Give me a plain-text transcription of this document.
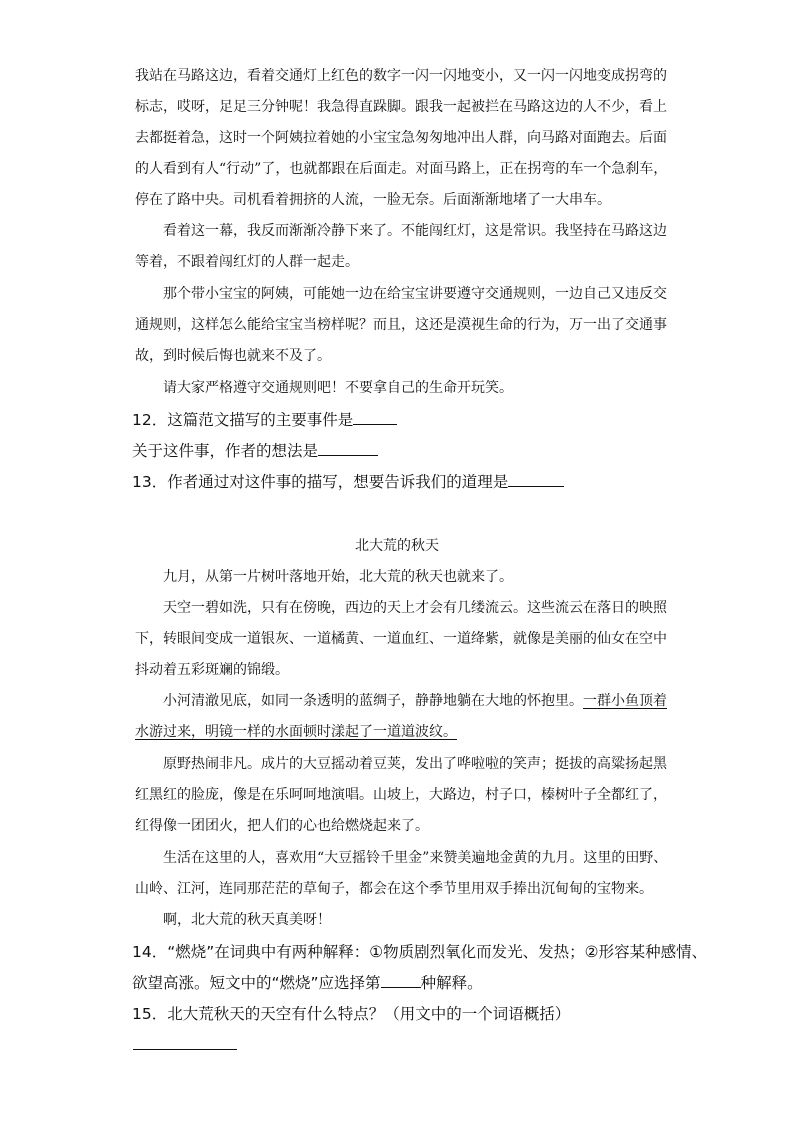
我站在马路这边，看着交通灯上红色的数字一闪一闪地变小，又一闪一闪地变成拐弯的
标志，哎呀，足足三分钟呢！我急得直跺脚。跟我一起被拦在马路这边的人不少，看上
去都挺着急，这时一个阿姨拉着她的小宝宝急匆匆地冲出人群，向马路对面跑去。后面
的人看到有人“行动”了，也就都跟在后面走。对面马路上，正在拐弯的车一个急刹车，
停在了路中央。司机看着拥挤的人流，一脸无奈。后面渐渐地堵了一大串车。
看着这一幕，我反而渐渐冷静下来了。不能闯红灯，这是常识。我坚持在马路这边
等着，不跟着闯红灯的人群一起走。
那个带小宝宝的阿姨，可能她一边在给宝宝讲要遵守交通规则，一边自己又违反交
通规则，这样怎么能给宝宝当榜样呢？而且，这还是漠视生命的行为，万一出了交通事
故，到时候后悔也就来不及了。
请大家严格遵守交通规则吧！不要拿自己的生命开玩笑。
12．这篇范文描写的主要事件是
关于这件事，作者的想法是
13．作者通过对这件事的描写，想要告诉我们的道理是
北大荒的秋天
九月，从第一片树叶落地开始，北大荒的秋天也就来了。
天空一碧如洗，只有在傍晚，西边的天上才会有几缕流云。这些流云在落日的映照
下，转眼间变成一道银灰、一道橘黄、一道血红、一道绛紫，就像是美丽的仙女在空中
抖动着五彩斑斓的锦缎。
小河清澈见底，如同一条透明的蓝绸子，静静地躺在大地的怀抱里。一群小鱼顶着
水游过来，明镜一样的水面顿时漾起了一道道波纹。
原野热闹非凡。成片的大豆摇动着豆荚，发出了哗啦啦的笑声；挺拔的高粱扬起黑
红黑红的脸庞，像是在乐呵呵地演唱。山坡上，大路边，村子口，榛树叶子全都红了，
红得像一团团火，把人们的心也给燃烧起来了。
生活在这里的人，喜欢用“大豆摇铃千里金”来赞美遍地金黄的九月。这里的田野、
山岭、江河，连同那茫茫的草甸子，都会在这个季节里用双手捧出沉甸甸的宝物来。
啊，北大荒的秋天真美呀！
14．“燃烧”在词典中有两种解释：①物质剧烈氧化而发光、发热；②形容某种感情、
欲望高涨。短文中的“燃烧”应选择第	种解释。
15．北大荒秋天的天空有什么特点？（用文中的一个词语概括）
